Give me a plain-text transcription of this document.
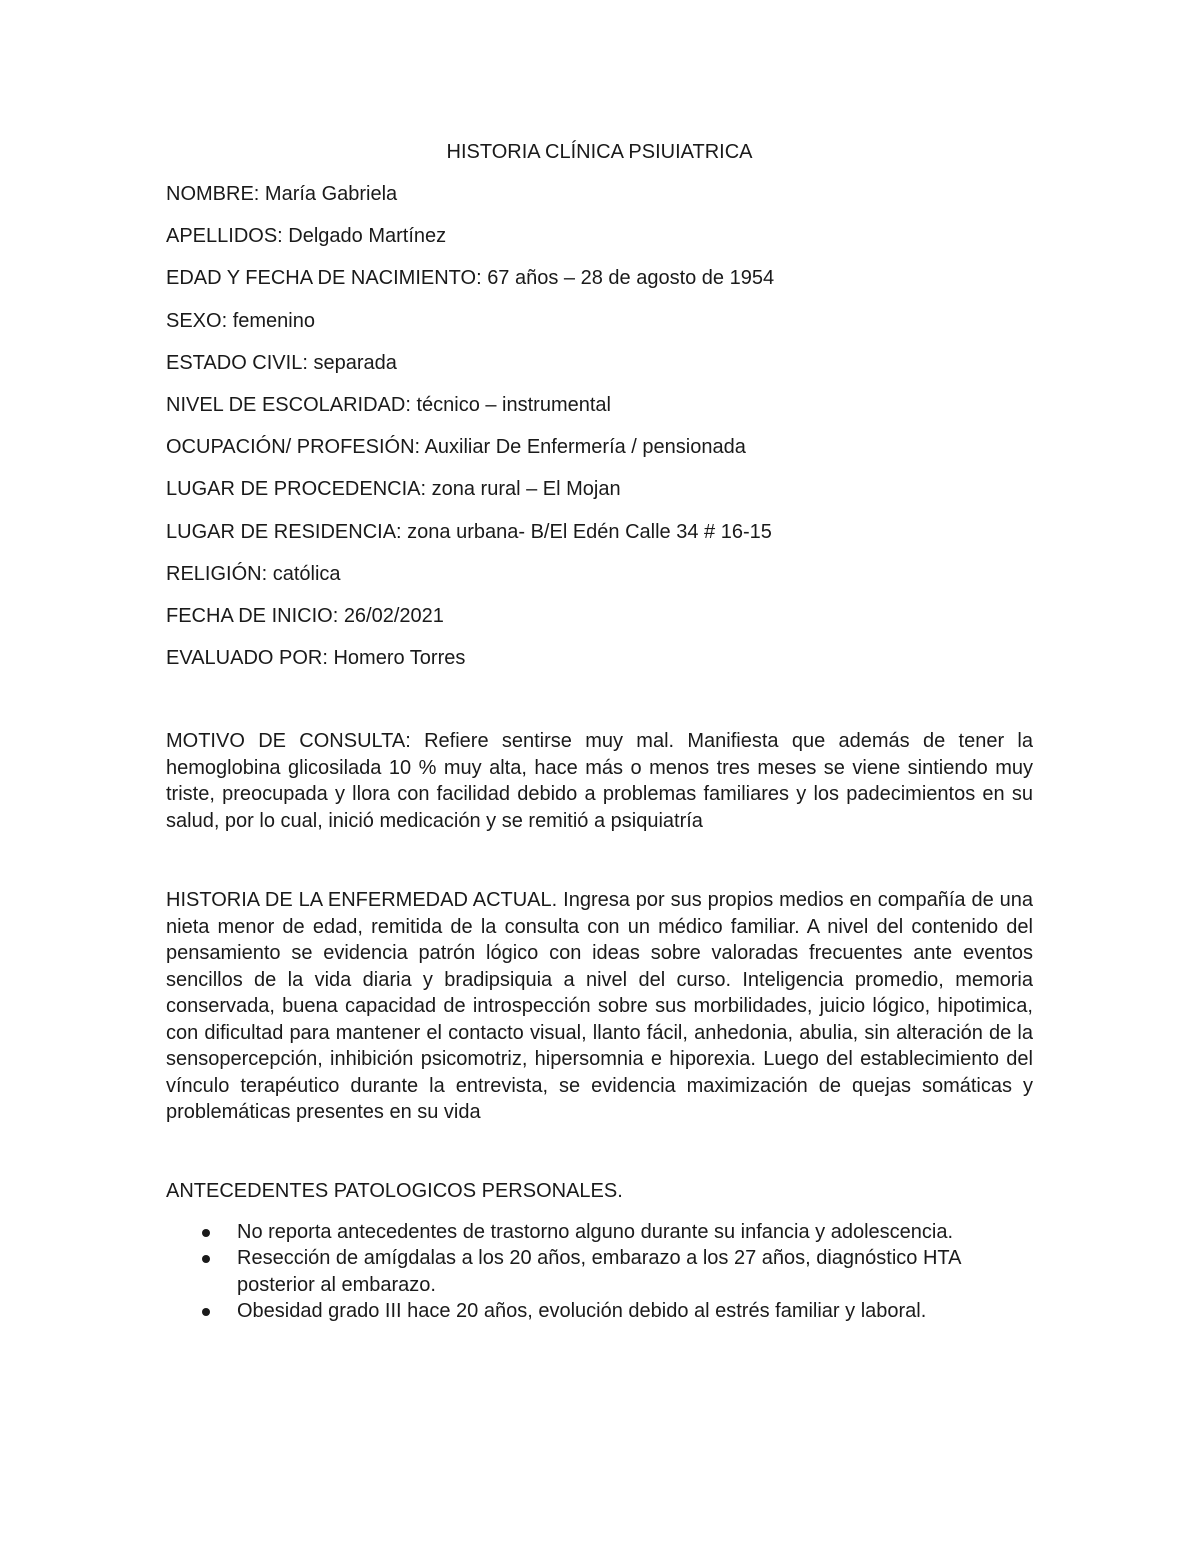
HISTORIA CLÍNICA PSIUIATRICA
NOMBRE: María Gabriela
APELLIDOS: Delgado Martínez
EDAD Y FECHA DE NACIMIENTO: 67 años – 28 de agosto de 1954
SEXO: femenino
ESTADO CIVIL: separada
NIVEL DE ESCOLARIDAD: técnico – instrumental
OCUPACIÓN/ PROFESIÓN: Auxiliar De Enfermería / pensionada
LUGAR DE PROCEDENCIA: zona rural – El Mojan
LUGAR DE RESIDENCIA: zona urbana- B/El Edén Calle 34 # 16-15
RELIGIÓN: católica
FECHA DE INICIO: 26/02/2021
EVALUADO POR: Homero Torres

MOTIVO DE CONSULTA: Refiere sentirse muy mal. Manifiesta que además de tener la hemoglobina glicosilada 10 % muy alta, hace más o menos tres meses se viene sintiendo muy triste, preocupada y llora con facilidad debido a problemas familiares y los padecimientos en su salud, por lo cual, inició medicación y se remitió a psiquiatría

HISTORIA DE LA ENFERMEDAD ACTUAL. Ingresa por sus propios medios en compañía de una nieta menor de edad, remitida de la consulta con un médico familiar. A nivel del contenido del pensamiento se evidencia patrón lógico con ideas sobre valoradas frecuentes ante eventos sencillos de la vida diaria y bradipsiquia a nivel del curso. Inteligencia promedio, memoria conservada, buena capacidad de introspección sobre sus morbilidades, juicio lógico, hipotimica, con dificultad para mantener el contacto visual, llanto fácil, anhedonia, abulia, sin alteración de la sensopercepción, inhibición psicomotriz, hipersomnia e hiporexia. Luego del establecimiento del vínculo terapéutico durante la entrevista, se evidencia maximización de quejas somáticas y problemáticas presentes en su vida

ANTECEDENTES PATOLOGICOS PERSONALES.
No reporta antecedentes de trastorno alguno durante su infancia y adolescencia.
Resección de amígdalas a los 20 años, embarazo a los 27 años, diagnóstico HTA posterior al embarazo.
Obesidad grado III hace 20 años, evolución debido al estrés familiar y laboral.
